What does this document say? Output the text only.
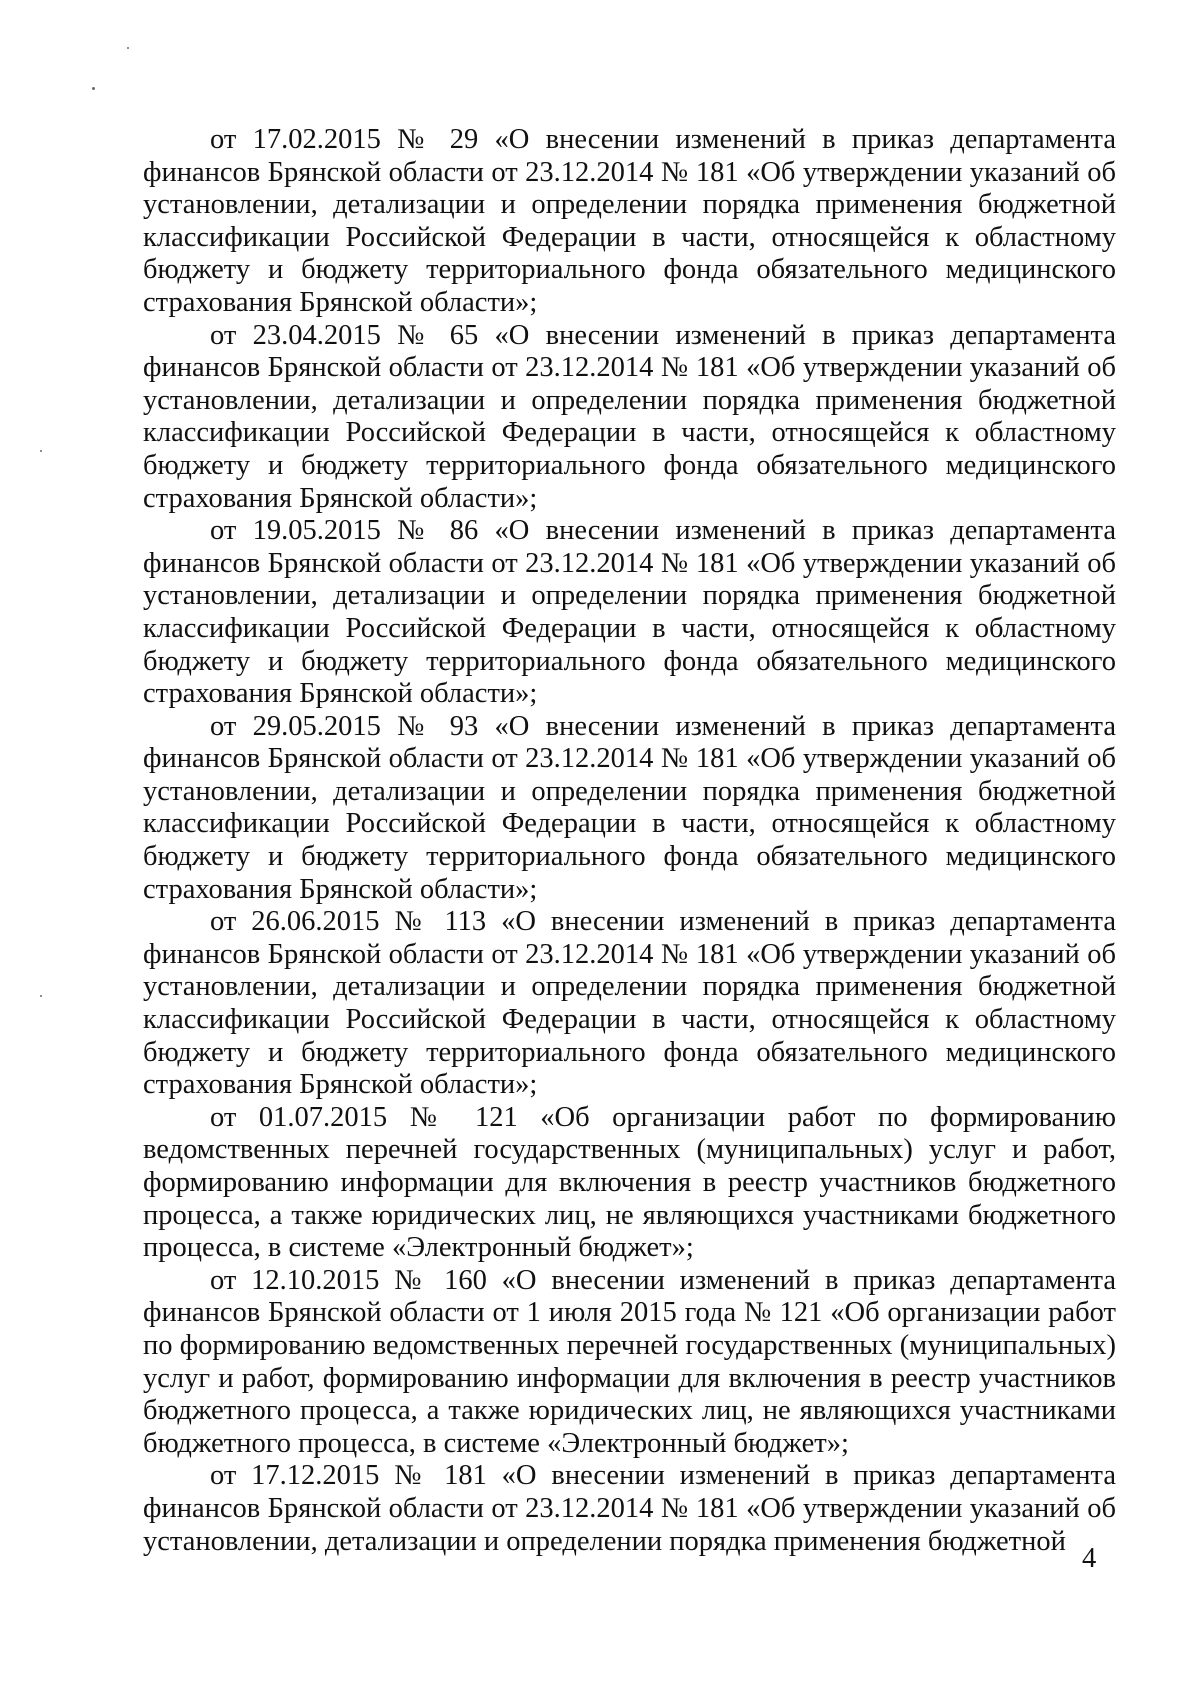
от 17.02.2015 № 29 «О внесении изменений в приказ департамента финансов Брянской области от 23.12.2014 № 181 «Об утверждении указаний об установлении, детализации и определении порядка применения бюджетной классификации Российской Федерации в части, относящейся к областному бюджету и бюджету территориального фонда обязательного медицинского страхования Брянской области»;

от 23.04.2015 № 65 «О внесении изменений в приказ департамента финансов Брянской области от 23.12.2014 № 181 «Об утверждении указаний об установлении, детализации и определении порядка применения бюджетной классификации Российской Федерации в части, относящейся к областному бюджету и бюджету территориального фонда обязательного медицинского страхования Брянской области»;

от 19.05.2015 № 86 «О внесении изменений в приказ департамента финансов Брянской области от 23.12.2014 № 181 «Об утверждении указаний об установлении, детализации и определении порядка применения бюджетной классификации Российской Федерации в части, относящейся к областному бюджету и бюджету территориального фонда обязательного медицинского страхования Брянской области»;

от 29.05.2015 № 93 «О внесении изменений в приказ департамента финансов Брянской области от 23.12.2014 № 181 «Об утверждении указаний об установлении, детализации и определении порядка применения бюджетной классификации Российской Федерации в части, относящейся к областному бюджету и бюджету территориального фонда обязательного медицинского страхования Брянской области»;

от 26.06.2015 № 113 «О внесении изменений в приказ департамента финансов Брянской области от 23.12.2014 № 181 «Об утверждении указаний об установлении, детализации и определении порядка применения бюджетной классификации Российской Федерации в части, относящейся к областному бюджету и бюджету территориального фонда обязательного медицинского страхования Брянской области»;

от 01.07.2015 № 121 «Об организации работ по формированию ведомственных перечней государственных (муниципальных) услуг и работ, формированию информации для включения в реестр участников бюджетного процесса, а также юридических лиц, не являющихся участниками бюджетного процесса, в системе «Электронный бюджет»;

от 12.10.2015 № 160 «О внесении изменений в приказ департамента финансов Брянской области от 1 июля 2015 года № 121 «Об организации работ по формированию ведомственных перечней государственных (муниципальных) услуг и работ, формированию информации для включения в реестр участников бюджетного процесса, а также юридических лиц, не являющихся участниками бюджетного процесса, в системе «Электронный бюджет»;

от 17.12.2015 № 181 «О внесении изменений в приказ департамента финансов Брянской области от 23.12.2014 № 181 «Об утверждении указаний об установлении, детализации и определении порядка применения бюджетной

4
